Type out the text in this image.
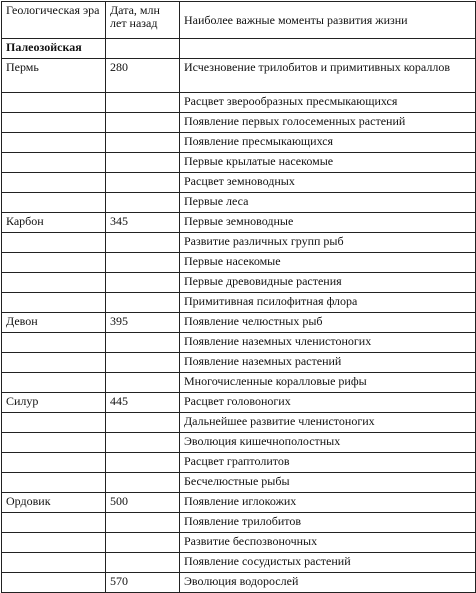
Геологическая эра	Дата, млн лет назад	Наиболее важные моменты развития жизни
Палеозойская		
Пермь	280	Исчезновение трилобитов и примитивных кораллов
		Расцвет зверообразных пресмыкающихся
		Появление первых голосеменных растений
		Появление пресмыкающихся
		Первые крылатые насекомые
		Расцвет земноводных
		Первые леса
Карбон	345	Первые земноводные
		Развитие различных групп рыб
		Первые насекомые
		Первые древовидные растения
		Примитивная псилофитная флора
Девон	395	Появление челюстных рыб
		Появление наземных членистоногих
		Появление наземных растений
		Многочисленные коралловые рифы
Силур	445	Расцвет головоногих
		Дальнейшее развитие членистоногих
		Эволюция кишечнополостных
		Расцвет граптолитов
		Бесчелюстные рыбы
Ордовик	500	Появление иглокожих
		Появление трилобитов
		Развитие беспозвоночных
		Появление сосудистых растений
	570	Эволюция водорослей
